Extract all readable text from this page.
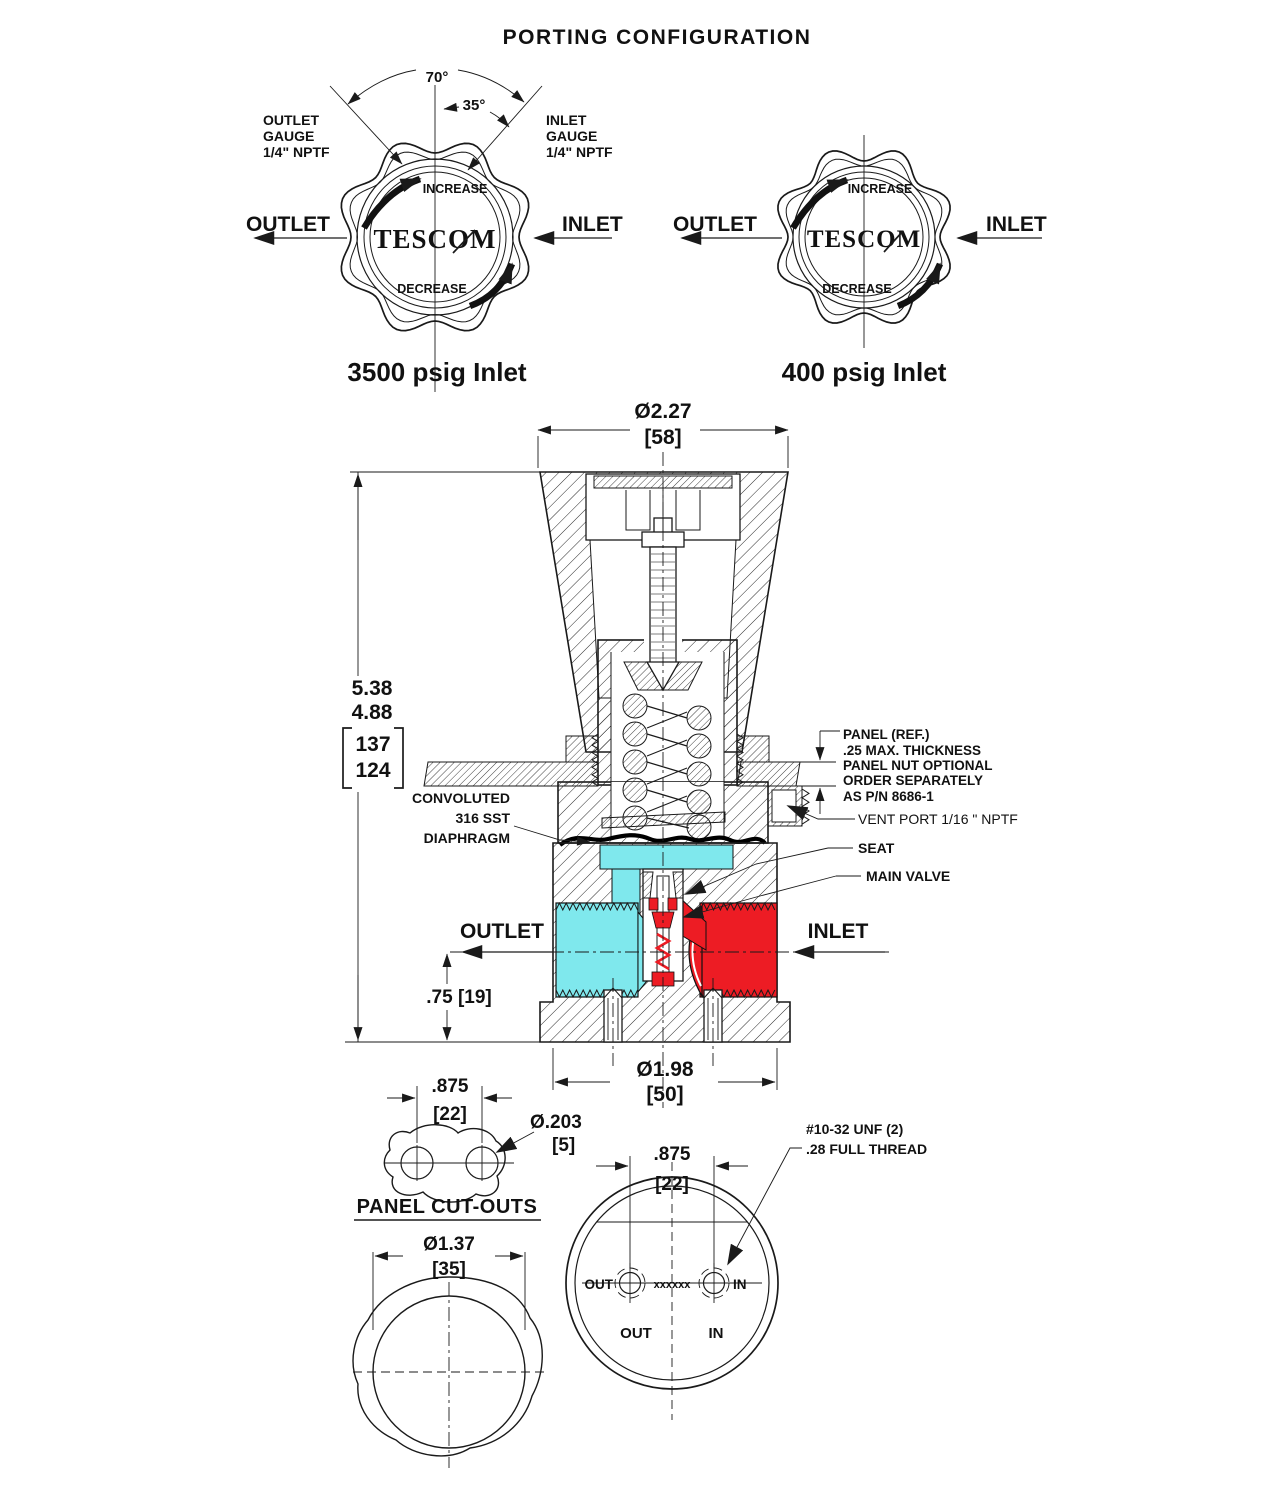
PORTING CONFIGURATION
70°
35°
OUTLET
GAUGE
1/4" NPTF
INLET
GAUGE
1/4" NPTF
OUTLET	INLET
INCREASE
DECREASE
TESCOM
3500 psig Inlet
OUTLET	INLET
INCREASE
DECREASE
TESCOM
400 psig Inlet
OUTLET	INLET
Ø2.27
[58]
5.38
4.88
137
124
.75 [19]
Ø1.98
[50]
CONVOLUTED
316 SST
DIAPHRAGM
PANEL (REF.)
.25 MAX. THICKNESS
PANEL NUT OPTIONAL
ORDER SEPARATELY
AS P/N 8686-1
VENT PORT 1/16 " NPTF
SEAT
MAIN VALVE
.875
[22]	Ø.203
[5]
PANEL CUT-OUTS
Ø1.37
[35]
.875
[22]
#10-32 UNF (2)
.28 FULL THREAD
OUT	xxxxxx	IN
OUT	IN
